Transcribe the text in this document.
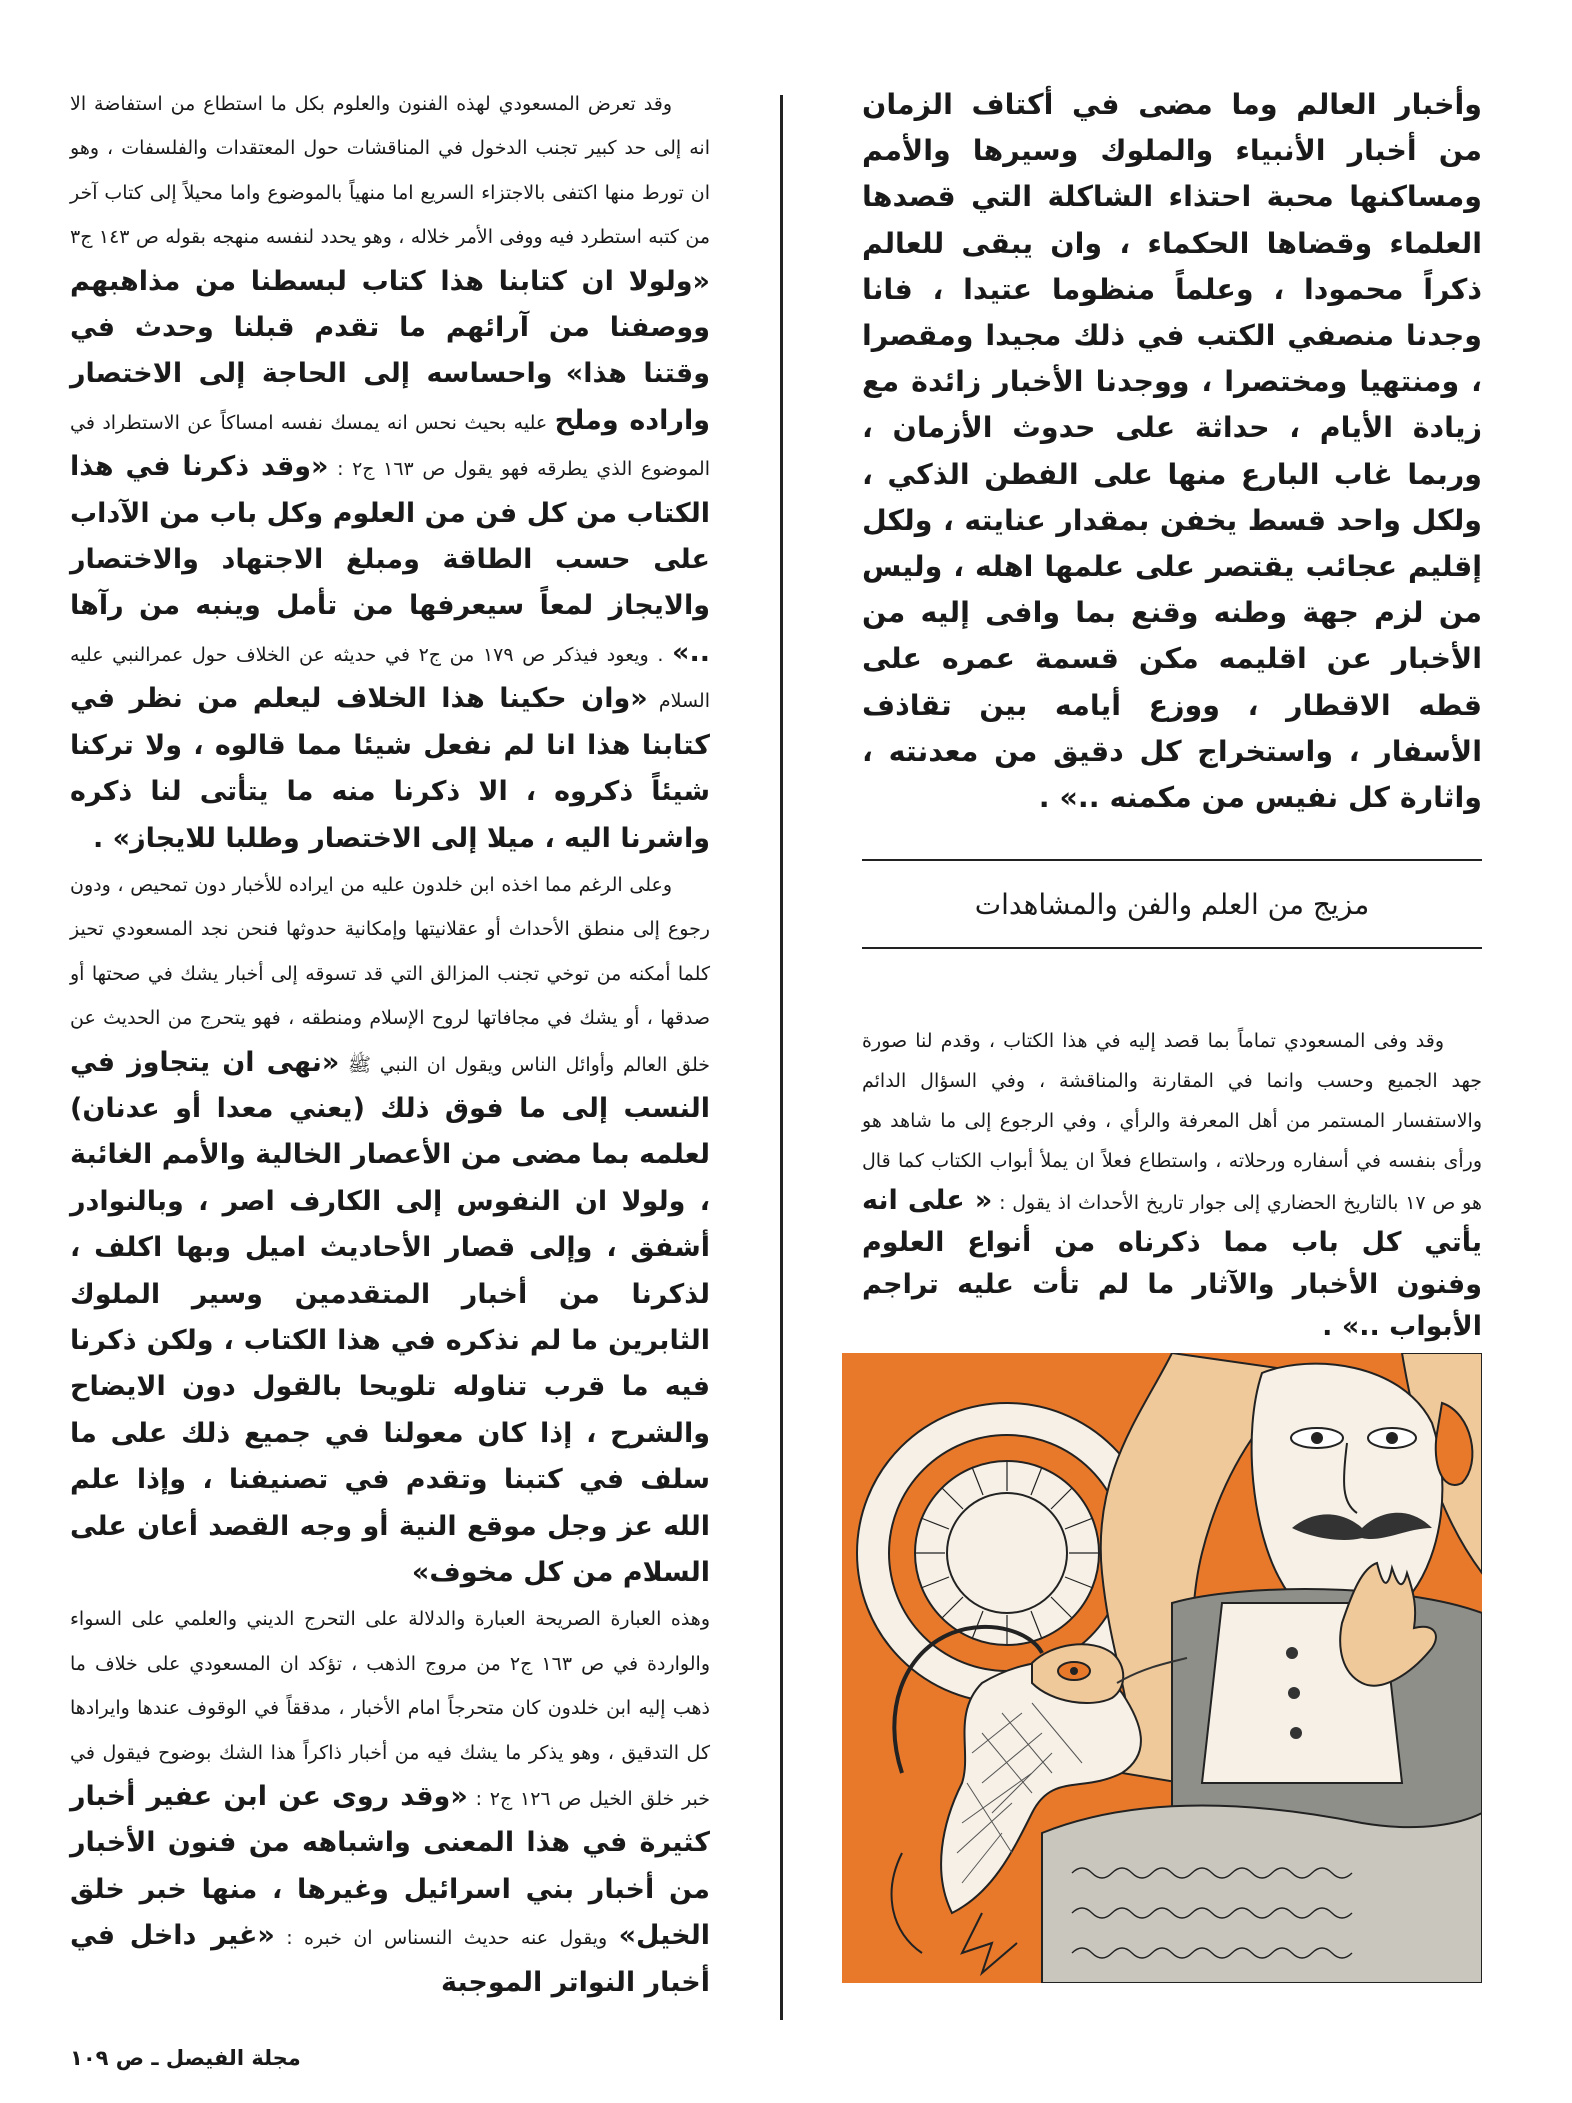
وأخبار العالم وما مضى في أكتاف الزمان من أخبار الأنبياء والملوك وسيرها والأمم ومساكنها محبة احتذاء الشاكلة التي قصدها العلماء وقضاها الحكماء ، وان يبقى للعالم ذكراً محمودا ، وعلماً منظوما عتيدا ، فانا وجدنا منصفي الكتب في ذلك مجيدا ومقصرا ، ومنتهيا ومختصرا ، ووجدنا الأخبار زائدة مع زيادة الأيام ، حداثة على حدوث الأزمان ، وربما غاب البارع منها على الفطن الذكي ، ولكل واحد قسط يخفن بمقدار عنايته ، ولكل إقليم عجائب يقتصر على علمها اهله ، وليس من لزم جهة وطنه وقنع بما وافى إليه من الأخبار عن اقليمه مكن قسمة عمره على قطه الاقطار ، ووزع أيامه بين تقاذف الأسفار ، واستخراج كل دقيق من معدنته ، واثارة كل نفيس من مكمنه ..» .

مزيج من العلم والفن والمشاهدات

وقد وفى المسعودي تماماً بما قصد إليه في هذا الكتاب ، وقدم لنا صورة جهد الجميع وحسب وانما في المقارنة والمناقشة ، وفي السؤال الدائم والاستفسار المستمر من أهل المعرفة والرأي ، وفي الرجوع إلى ما شاهد هو ورأى بنفسه في أسفاره ورحلاته ، واستطاع فعلاً ان يملأ أبواب الكتاب كما قال هو ص ١٧ بالتاريخ الحضاري إلى جوار تاريخ الأحداث اذ يقول : « على انه يأتي كل باب مما ذكرناه من أنواع العلوم وفنون الأخبار والآثار ما لم تأت عليه تراجم الأبواب ..» .

وقد تعرض المسعودي لهذه الفنون والعلوم بكل ما استطاع من استفاضة الا انه إلى حد كبير تجنب الدخول في المناقشات حول المعتقدات والفلسفات ، وهو ان تورط منها اكتفى بالاجتزاء السريع اما منهياً بالموضوع واما محيلاً إلى كتاب آخر من كتبه استطرد فيه ووفى الأمر خلاله ، وهو يحدد لنفسه منهجه بقوله ص ١٤٣ ج٣ «ولولا ان كتابنا هذا كتاب لبسطنا من مذاهبهم ووصفنا من آرائهم ما تقدم قبلنا وحدث في وقتنا هذا» واحساسه إلى الحاجة إلى الاختصار واراده وملح عليه بحيث نحس انه يمسك نفسه امساكاً عن الاستطراد في الموضوع الذي يطرقه فهو يقول ص ١٦٣ ج٢ : «وقد ذكرنا في هذا الكتاب من كل فن من العلوم وكل باب من الآداب على حسب الطاقة ومبلغ الاجتهاد والاختصار والايجاز لمعاً سيعرفها من تأمل وينبه من رآها ..» . ويعود فيذكر ص ١٧٩ من ج٢ في حديثه عن الخلاف حول عمرالنبي عليه السلام «وان حكينا هذا الخلاف ليعلم من نظر في كتابنا هذا انا لم نفعل شيئا مما قالوه ، ولا تركنا شيئاً ذكروه ، الا ذكرنا منه ما يتأتى لنا ذكره واشرنا اليه ، ميلا إلى الاختصار وطلبا للايجاز» .

وعلى الرغم مما اخذه ابن خلدون عليه من ايراده للأخبار دون تمحيص ، ودون رجوع إلى منطق الأحداث أو عقلانيتها وإمكانية حدوثها فنحن نجد المسعودي تحيز كلما أمكنه من توخي تجنب المزالق التي قد تسوقه إلى أخبار يشك في صحتها أو صدقها ، أو يشك في مجافاتها لروح الإسلام ومنطقه ، فهو يتحرج من الحديث عن خلق العالم وأوائل الناس ويقول ان النبي ﷺ «نهى ان يتجاوز في النسب إلى ما فوق ذلك (يعني معدا أو عدنان) لعلمه بما مضى من الأعصار الخالية والأمم الغائبة ، ولولا ان النفوس إلى الكارف اصر ، وبالنوادر أشفق ، وإلى قصار الأحاديث اميل وبها اكلف ، لذكرنا من أخبار المتقدمين وسير الملوك الثابرين ما لم نذكره في هذا الكتاب ، ولكن ذكرنا فيه ما قرب تناوله تلويحا بالقول دون الايضاح والشرح ، إذا كان معولنا في جميع ذلك على ما سلف في كتبنا وتقدم في تصنيفنا ، وإذا علم الله عز وجل موقع النية أو وجه القصد أعان على السلام من كل مخوف»

وهذه العبارة الصريحة العبارة والدلالة على التحرج الديني والعلمي على السواء والواردة في ص ١٦٣ ج٢ من مروج الذهب ، تؤكد ان المسعودي على خلاف ما ذهب إليه ابن خلدون كان متحرجاً امام الأخبار ، مدققاً في الوقوف عندها وايرادها كل التدقيق ، وهو يذكر ما يشك فيه من أخبار ذاكراً هذا الشك بوضوح فيقول في خبر خلق الخيل ص ١٢٦ ج٢ : «وقد روى عن ابن عفير أخبار كثيرة في هذا المعنى واشباهه من فنون الأخبار من أخبار بني اسرائيل وغيرها ، منها خبر خلق الخيل» ويقول عنه حديث النسناس ان خبره : «غير داخل في أخبار النواتر الموجبة

مجلة الفيصل ـ ص ١٠٩
